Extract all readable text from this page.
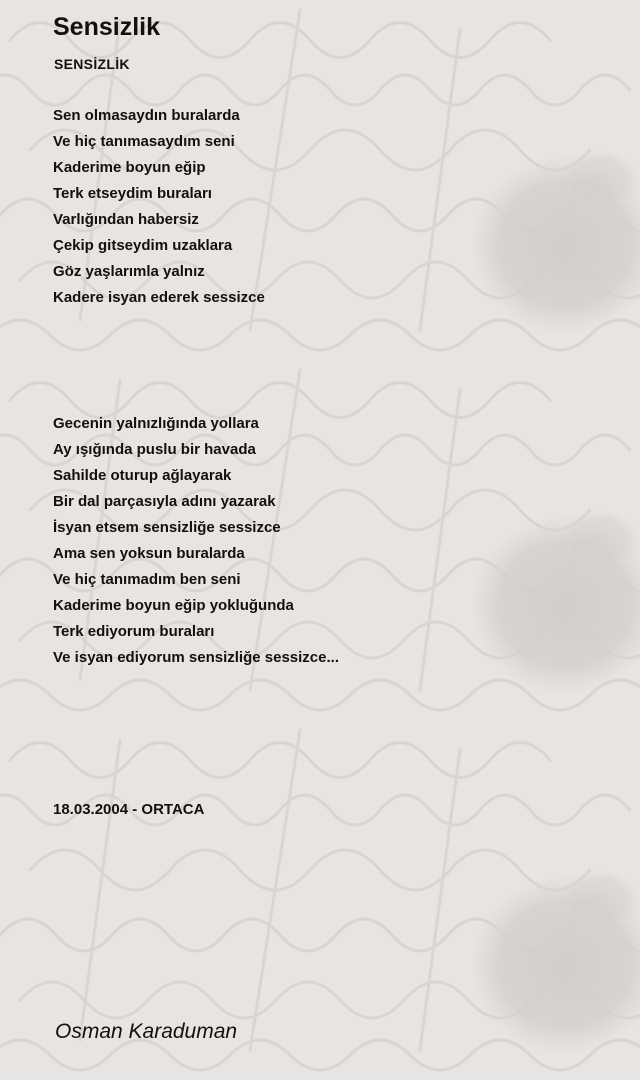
Sensizlik
SENSİZLİK
Sen olmasaydın buralarda
Ve hiç tanımasaydım seni
Kaderime boyun eğip
Terk etseydim buraları
Varlığından habersiz
Çekip gitseydim uzaklara
Göz yaşlarımla yalnız
Kadere isyan ederek sessizce
Gecenin yalnızlığında yollara
Ay ışığında puslu bir havada
Sahilde oturup ağlayarak
Bir dal parçasıyla adını yazarak
İsyan etsem sensizliğe sessizce
Ama sen yoksun buralarda
Ve hiç tanımadım ben seni
Kaderime boyun eğip yokluğunda
Terk ediyorum buraları
Ve isyan ediyorum sensizliğe sessizce...
18.03.2004 - ORTACA
Osman Karaduman
